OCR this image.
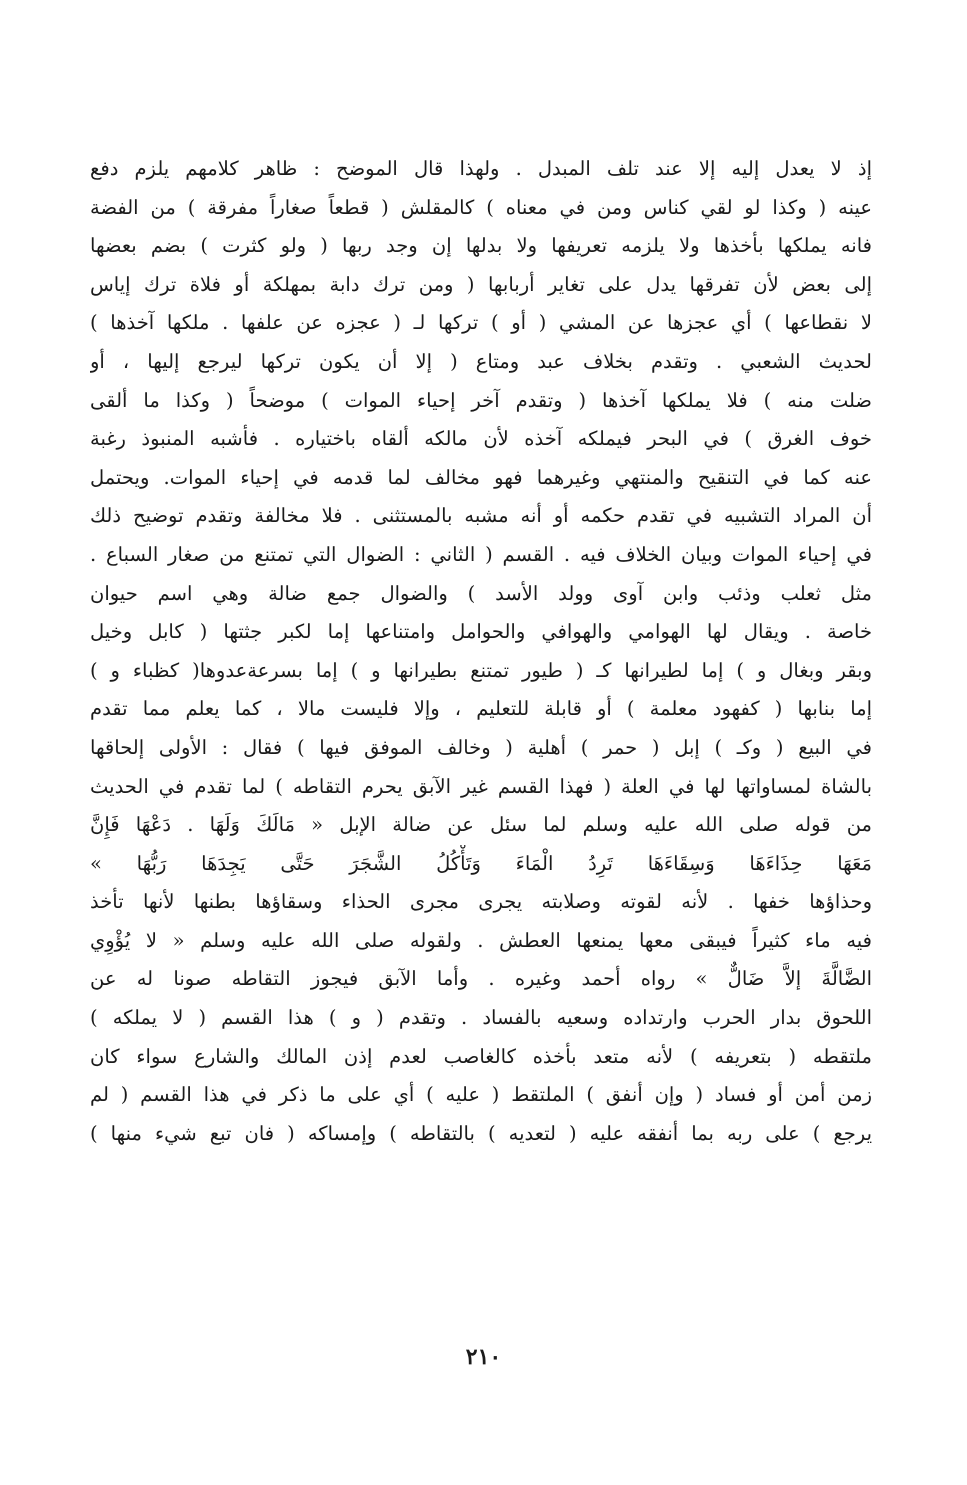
إذ لا يعدل إليه إلا عند تلف المبدل . ولهذا قال الموضح : ظاهر كلامهم يلزم دفع
عينه ( وكذا لو لقي كناس ومن في معناه ) كالمقلش ( قطعاً صغاراً مفرقة ) من الفضة
فانه يملكها بأخذها ولا يلزمه تعريفها ولا بدلها إن وجد ربها ( ولو كثرت ) بضم بعضها
إلى بعض لأن تفرقها يدل على تغاير أربابها ( ومن ترك دابة بمهلكة أو فلاة ترك إياس
لا نقطاعها ) أي عجزها عن المشي ( أو ) تركها لـ ( عجزه عن علفها . ملكها آخذها )
لحديث الشعبي . وتقدم بخلاف عبد ومتاع ( إلا أن يكون تركها ليرجع إليها ، أو
ضلت منه ) فلا يملكها آخذها ( وتقدم آخر إحياء الموات ) موضحاً ( وكذا ما ألقى
خوف الغرق ) في البحر فيملكه آخذه لأن مالكه ألقاه باختياره . فأشبه المنبوذ رغبة
عنه كما في التنقيح والمنتهي وغيرهما فهو مخالف لما قدمه في إحياء الموات. ويحتمل
أن المراد التشبيه في تقدم حكمه أو أنه مشبه بالمستثنى . فلا مخالفة وتقدم توضيح ذلك
في إحياء الموات وبيان الخلاف فيه . القسم ( الثاني : الضوال التي تمتنع من صغار السباع .
مثل ثعلب وذئب وابن آوى وولد الأسد ) والضوال جمع ضالة وهي اسم حيوان
خاصة . ويقال لها الهوامي والهوافي والحوامل وامتناعها إما لكبر جثتها ( كابل وخيل
وبقر وبغال و ) إما لطيرانها كـ ( طيور تمتنع بطيرانها و ) إما بسرعةعدوها( كظباء و )
إما بنابها ( كفهود معلمة ) أو قابلة للتعليم ، وإلا فليست مالا ، كما يعلم مما تقدم
في البيع ( وكـ ) إبل ( حمر ) أهلية ( وخالف الموفق فيها ) فقال : الأولى إلحاقها
بالشاة لمساواتها لها في العلة ( فهذا القسم غير الآبق يحرم التقاطه ) لما تقدم في الحديث
من قوله صلى الله عليه وسلم لما سئل عن ضالة الإبل « مَالَكَ وَلَهَا . دَعْهَا فَإِنَّ
مَعَهَا حِذَاءَهَا وَسِقَاءَهَا تَرِدُ الْمَاءَ وَتَأْكُلُ الشَّجَرَ حَتَّى يَجِدَهَا رَبُّهَا »
وحذاؤها خفها . لأنه لقوته وصلابته يجرى مجرى الحذاء وسقاؤها بطنها لأنها تأخذ
فيه ماء كثيراً فيبقى معها يمنعها العطش . ولقوله صلى الله عليه وسلم « لا يُؤْوِي
الضَّالَّةَ إلاَّ ضَالٌّ » رواه أحمد وغيره . وأما الآبق فيجوز التقاطه صونا له عن
اللحوق بدار الحرب وارتداده وسعيه بالفساد . وتقدم ( و ) هذا القسم ( لا يملكه )
ملتقطه ( بتعريفه ) لأنه متعد بأخذه كالغاصب لعدم إذن المالك والشارع سواء كان
زمن أمن أو فساد ( وإن أنفق ) الملتقط ( عليه ) أي على ما ذكر في هذا القسم ( لم
يرجع ) على ربه بما أنفقه عليه ( لتعديه ) بالتقاطه ) وإمساكه ( فان تبع شيء منها )
٢١٠
